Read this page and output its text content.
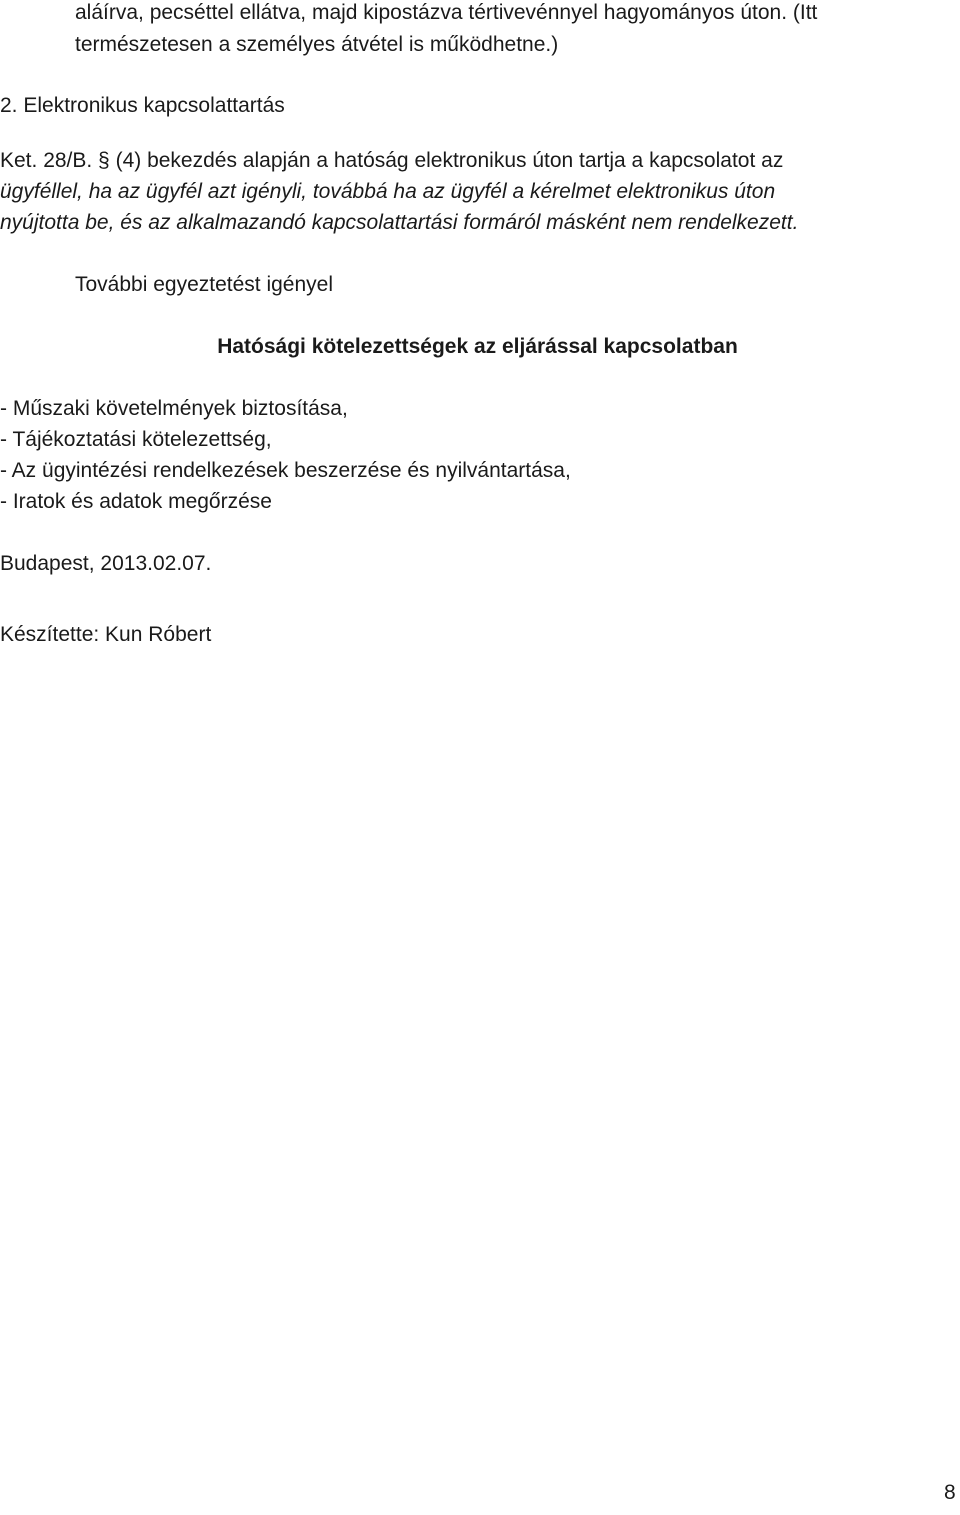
aláírva, pecséttel ellátva, majd kipostázva tértivevénnyel hagyományos úton. (Itt
természetesen a személyes átvétel is működhetne.)
2. Elektronikus kapcsolattartás
Ket. 28/B. § (4) bekezdés alapján a hatóság elektronikus úton tartja a kapcsolatot az
ügyféllel, ha az ügyfél azt igényli, továbbá ha az ügyfél a kérelmet elektronikus úton
nyújtotta be, és az alkalmazandó kapcsolattartási formáról másként nem rendelkezett.
További egyeztetést igényel
Hatósági kötelezettségek az eljárással kapcsolatban
- Műszaki követelmények biztosítása,
- Tájékoztatási kötelezettség,
- Az ügyintézési rendelkezések beszerzése és nyilvántartása,
- Iratok és adatok megőrzése
Budapest, 2013.02.07.
Készítette: Kun Róbert
8
